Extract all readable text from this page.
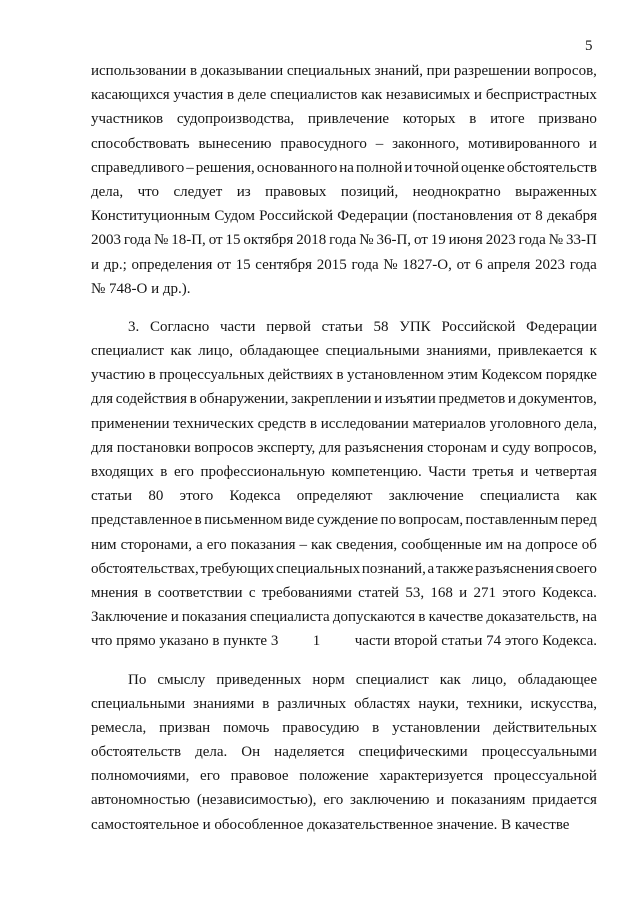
5
использовании в доказывании специальных знаний, при разрешении вопросов,
касающихся участия в деле специалистов как независимых и беспристрастных
участников судопроизводства, привлечение которых в итоге призвано
способствовать вынесению правосудного – законного, мотивированного и
справедливого – решения, основанного на полной и точной оценке обстоятельств
дела, что следует из правовых позиций, неоднократно выраженных
Конституционным Судом Российской Федерации (постановления от 8 декабря
2003 года № 18-П, от 15 октября 2018 года № 36-П, от 19 июня 2023 года № 33-П
и др.; определения от 15 сентября 2015 года № 1827-О, от 6 апреля 2023 года
№ 748-О и др.).
3. Согласно части первой статьи 58 УПК Российской Федерации
специалист как лицо, обладающее специальными знаниями, привлекается к
участию в процессуальных действиях в установленном этим Кодексом порядке
для содействия в обнаружении, закреплении и изъятии предметов и документов,
применении технических средств в исследовании материалов уголовного дела,
для постановки вопросов эксперту, для разъяснения сторонам и суду вопросов,
входящих в его профессиональную компетенцию. Части третья и четвертая
статьи 80 этого Кодекса определяют заключение специалиста как
представленное в письменном виде суждение по вопросам, поставленным перед
ним сторонами, а его показания – как сведения, сообщенные им на допросе об
обстоятельствах, требующих специальных познаний, а также разъяснения своего
мнения в соответствии с требованиями статей 53, 168 и 271 этого Кодекса.
Заключение и показания специалиста допускаются в качестве доказательств, на
что прямо указано в пункте 3 1 части второй статьи 74 этого Кодекса.
По смыслу приведенных норм специалист как лицо, обладающее
специальными знаниями в различных областях науки, техники, искусства,
ремесла, призван помочь правосудию в установлении действительных
обстоятельств дела. Он наделяется специфическими процессуальными
полномочиями, его правовое положение характеризуется процессуальной
автономностью (независимостью), его заключению и показаниям придается
самостоятельное и обособленное доказательственное значение. В качестве
